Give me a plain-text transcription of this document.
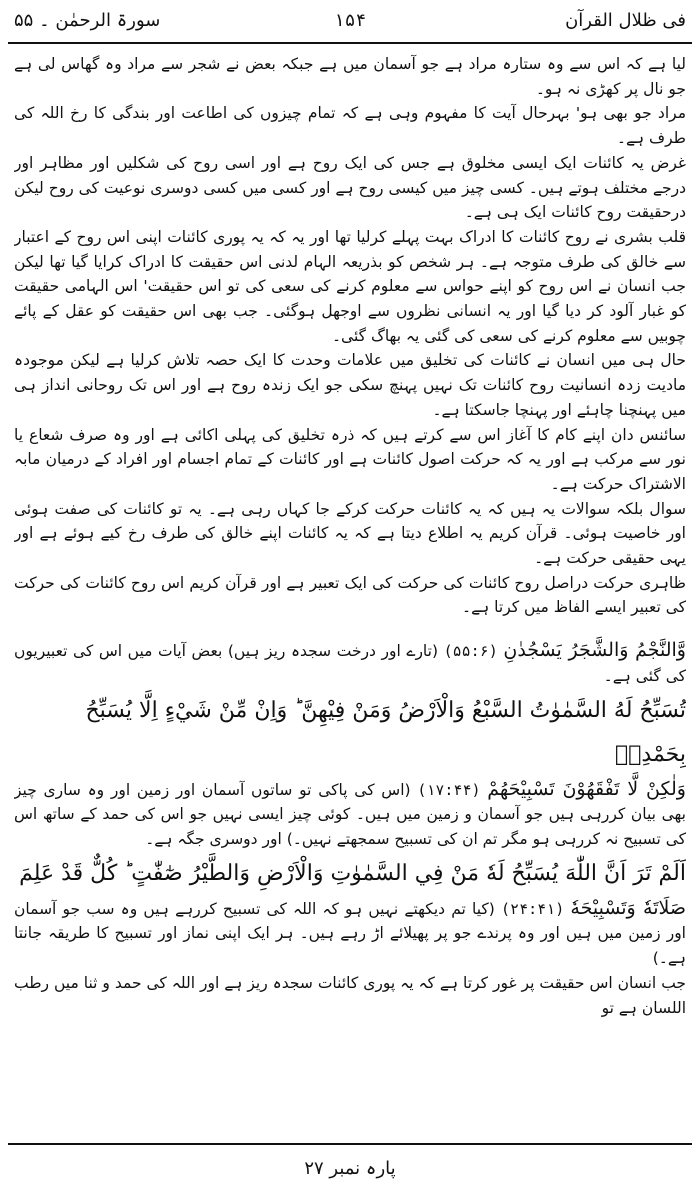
سورۃ الرحمٰن ۔ ۵۵	۱۵۴	فی ظلال القرآن

لیا ہے کہ اس سے وہ ستارہ مراد ہے جو آسمان میں ہے جبکہ بعض نے شجر سے مراد وہ گھاس لی ہے جو نال پر کھڑی نہ ہو۔

مراد جو بھی ہو' بہرحال آیت کا مفہوم وہی ہے کہ تمام چیزوں کی اطاعت اور بندگی کا رخ اللہ کی طرف ہے۔

غرض یہ کائنات ایک ایسی مخلوق ہے جس کی ایک روح ہے اور اسی روح کی شکلیں اور مظاہر اور درجے مختلف ہوتے ہیں۔ کسی چیز میں کیسی روح ہے اور کسی میں کسی دوسری نوعیت کی روح لیکن درحقیقت روح کائنات ایک ہی ہے۔

قلب بشری نے روح کائنات کا ادراک بہت پہلے کرلیا تھا اور یہ کہ یہ پوری کائنات اپنی اس روح کے اعتبار سے خالق کی طرف متوجہ ہے۔ ہر شخص کو بذریعہ الہام لدنی اس حقیقت کا ادراک کرایا گیا تھا لیکن جب انسان نے اس روح کو اپنے حواس سے معلوم کرنے کی سعی کی تو اس حقیقت' اس الہامی حقیقت کو غبار آلود کر دیا گیا اور یہ انسانی نظروں سے اوجھل ہوگئی۔ جب بھی اس حقیقت کو عقل کے پائے چوبیں سے معلوم کرنے کی سعی کی گئی یہ بھاگ گئی۔

حال ہی میں انسان نے کائنات کی تخلیق میں علامات وحدت کا ایک حصہ تلاش کرلیا ہے لیکن موجودہ مادیت زدہ انسانیت روح کائنات تک نہیں پہنچ سکی جو ایک زندہ روح ہے اور اس تک روحانی انداز ہی میں پہنچنا چاہئے اور پہنچا جاسکتا ہے۔

سائنس دان اپنے کام کا آغاز اس سے کرتے ہیں کہ ذرہ تخلیق کی پہلی اکائی ہے اور وہ صرف شعاع یا نور سے مرکب ہے اور یہ کہ حرکت اصول کائنات ہے اور کائنات کے تمام اجسام اور افراد کے درمیان مابہ الاشتراک حرکت ہے۔

سوال بلکہ سوالات یہ ہیں کہ یہ کائنات حرکت کرکے جا کہاں رہی ہے۔ یہ تو کائنات کی صفت ہوئی اور خاصیت ہوئی۔ قرآن کریم یہ اطلاع دیتا ہے کہ یہ کائنات اپنے خالق کی طرف رخ کیے ہوئے ہے اور یہی حقیقی حرکت ہے۔

ظاہری حرکت دراصل روح کائنات کی حرکت کی ایک تعبیر ہے اور قرآن کریم اس روح کائنات کی حرکت کی تعبیر ایسے الفاظ میں کرتا ہے۔

وَّالنَّجْمُ وَالشَّجَرُ يَسْجُدٰنِ (۵۵:۶) (تارے اور درخت سجدہ ریز ہیں) بعض آیات میں اس کی تعبیریوں کی گئی ہے۔

تُسَبِّحُ لَهُ السَّمٰوٰتُ السَّبْعُ وَالْاَرْضُ وَمَنْ فِيْهِنَّ ؕ وَاِنْ مِّنْ شَيْءٍ اِلَّا يُسَبِّحُ بِحَمْدِهٖ

وَلٰكِنْ لَّا تَفْقَهُوْنَ تَسْبِيْحَهُمْ (۱۷:۴۴) (اس کی پاکی تو ساتوں آسمان اور زمین اور وہ ساری چیز بھی بیان کررہی ہیں جو آسمان و زمین میں ہیں۔ کوئی چیز ایسی نہیں جو اس کی حمد کے ساتھ اس کی تسبیح نہ کررہی ہو مگر تم ان کی تسبیح سمجھتے نہیں۔) اور دوسری جگہ ہے۔

اَلَمْ تَرَ اَنَّ اللّٰهَ يُسَبِّحُ لَهٗ مَنْ فِي السَّمٰوٰتِ وَالْاَرْضِ وَالطَّيْرُ صٰٓفّٰتٍ ؕ كُلٌّ قَدْ عَلِمَ

صَلَاتَهٗ وَتَسْبِيْحَهٗ (۲۴:۴۱) (کیا تم دیکھتے نہیں ہو کہ اللہ کی تسبیح کررہے ہیں وہ سب جو آسمان اور زمین میں ہیں اور وہ پرندے جو پر پھیلائے اڑ رہے ہیں۔ ہر ایک اپنی نماز اور تسبیح کا طریقہ جانتا ہے۔)

جب انسان اس حقیقت پر غور کرتا ہے کہ یہ پوری کائنات سجدہ ریز ہے اور اللہ کی حمد و ثنا میں رطب اللسان ہے تو

پارہ نمبر ۲۷
